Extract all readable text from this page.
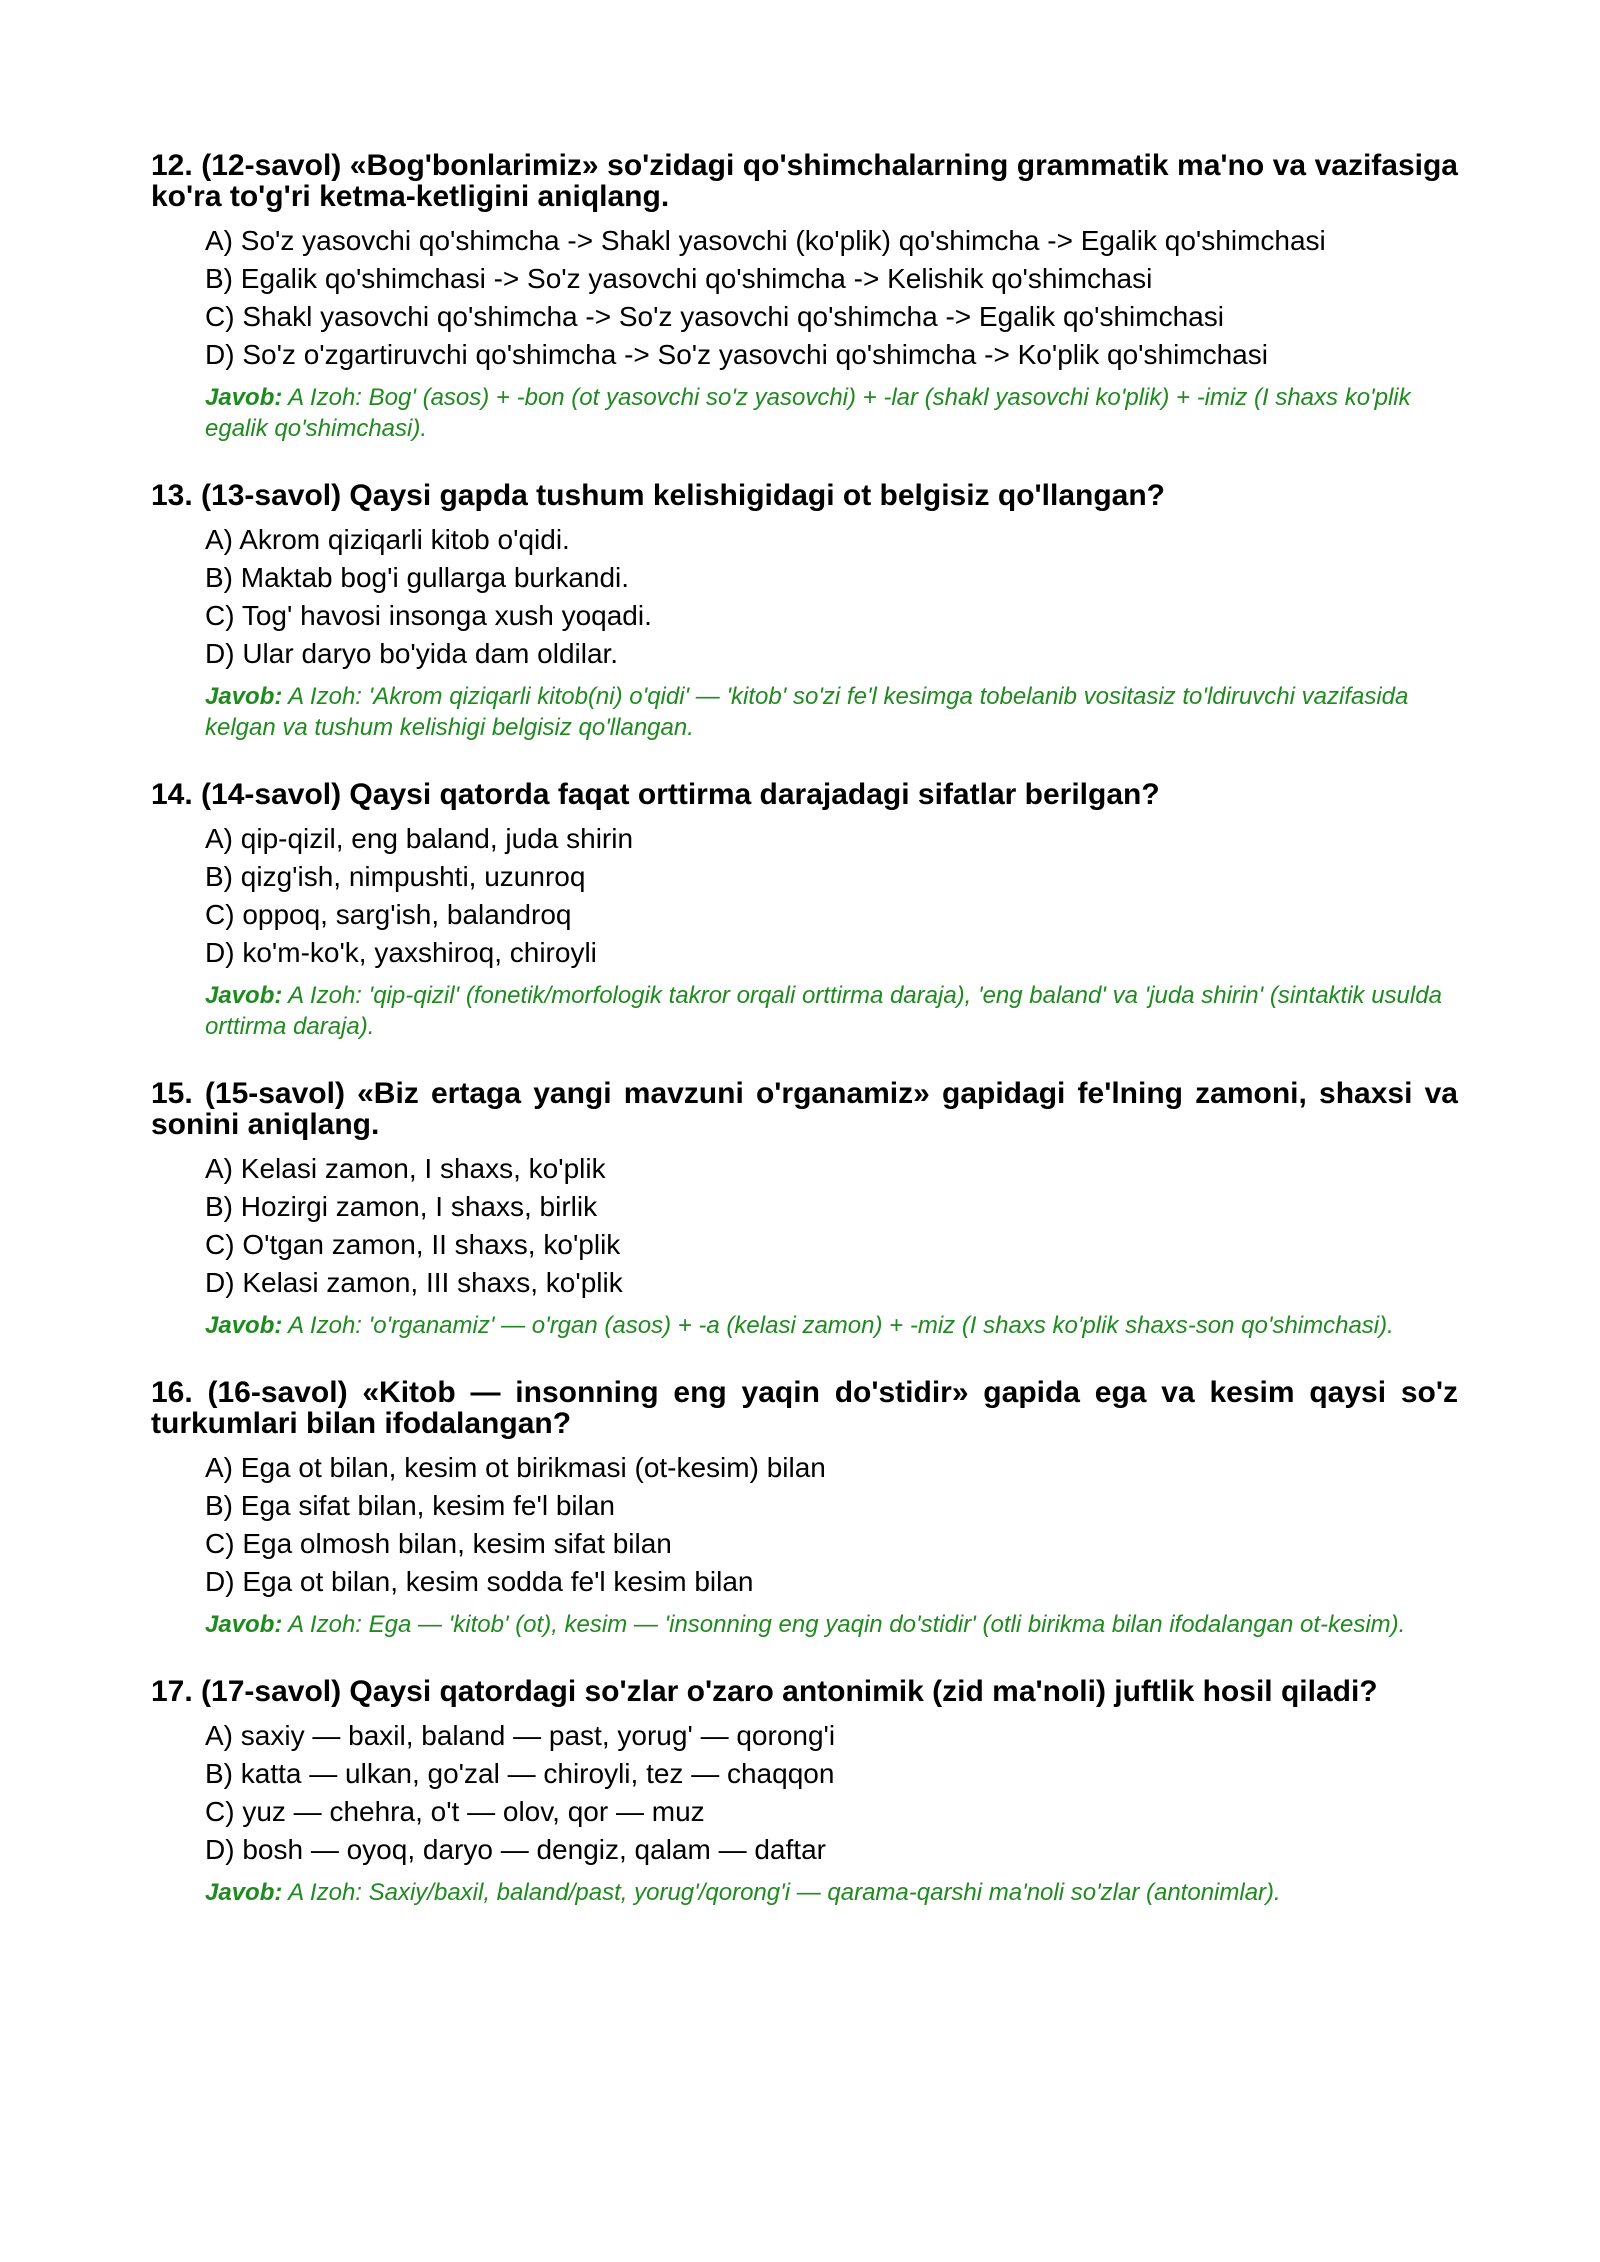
12. (12-savol) «Bog'bonlarimiz» so'zidagi qo'shimchalarning grammatik ma'no va vazifasiga ko'ra to'g'ri ketma-ketligini aniqlang.
A) So'z yasovchi qo'shimcha -> Shakl yasovchi (ko'plik) qo'shimcha -> Egalik qo'shimchasi
B) Egalik qo'shimchasi -> So'z yasovchi qo'shimcha -> Kelishik qo'shimchasi
C) Shakl yasovchi qo'shimcha -> So'z yasovchi qo'shimcha -> Egalik qo'shimchasi
D) So'z o'zgartiruvchi qo'shimcha -> So'z yasovchi qo'shimcha -> Ko'plik qo'shimchasi
Javob: A Izoh: Bog' (asos) + -bon (ot yasovchi so'z yasovchi) + -lar (shakl yasovchi ko'plik) + -imiz (I shaxs ko'plik egalik qo'shimchasi).
13. (13-savol) Qaysi gapda tushum kelishigidagi ot belgisiz qo'llangan?
A) Akrom qiziqarli kitob o'qidi.
B) Maktab bog'i gullarga burkandi.
C) Tog' havosi insonga xush yoqadi.
D) Ular daryo bo'yida dam oldilar.
Javob: A Izoh: 'Akrom qiziqarli kitob(ni) o'qidi' — 'kitob' so'zi fe'l kesimga tobelanib vositasiz to'ldiruvchi vazifasida kelgan va tushum kelishigi belgisiz qo'llangan.
14. (14-savol) Qaysi qatorda faqat orttirma darajadagi sifatlar berilgan?
A) qip-qizil, eng baland, juda shirin
B) qizg'ish, nimpushti, uzunroq
C) oppoq, sarg'ish, balandroq
D) ko'm-ko'k, yaxshiroq, chiroyli
Javob: A Izoh: 'qip-qizil' (fonetik/morfologik takror orqali orttirma daraja), 'eng baland' va 'juda shirin' (sintaktik usulda orttirma daraja).
15. (15-savol) «Biz ertaga yangi mavzuni o'rganamiz» gapidagi fe'lning zamoni, shaxsi va sonini aniqlang.
A) Kelasi zamon, I shaxs, ko'plik
B) Hozirgi zamon, I shaxs, birlik
C) O'tgan zamon, II shaxs, ko'plik
D) Kelasi zamon, III shaxs, ko'plik
Javob: A Izoh: 'o'rganamiz' — o'rgan (asos) + -a (kelasi zamon) + -miz (I shaxs ko'plik shaxs-son qo'shimchasi).
16. (16-savol) «Kitob — insonning eng yaqin do'stidir» gapida ega va kesim qaysi so'z turkumlari bilan ifodalangan?
A) Ega ot bilan, kesim ot birikmasi (ot-kesim) bilan
B) Ega sifat bilan, kesim fe'l bilan
C) Ega olmosh bilan, kesim sifat bilan
D) Ega ot bilan, kesim sodda fe'l kesim bilan
Javob: A Izoh: Ega — 'kitob' (ot), kesim — 'insonning eng yaqin do'stidir' (otli birikma bilan ifodalangan ot-kesim).
17. (17-savol) Qaysi qatordagi so'zlar o'zaro antonimik (zid ma'noli) juftlik hosil qiladi?
A) saxiy — baxil, baland — past, yorug' — qorong'i
B) katta — ulkan, go'zal — chiroyli, tez — chaqqon
C) yuz — chehra, o't — olov, qor — muz
D) bosh — oyoq, daryo — dengiz, qalam — daftar
Javob: A Izoh: Saxiy/baxil, baland/past, yorug'/qorong'i — qarama-qarshi ma'noli so'zlar (antonimlar).
